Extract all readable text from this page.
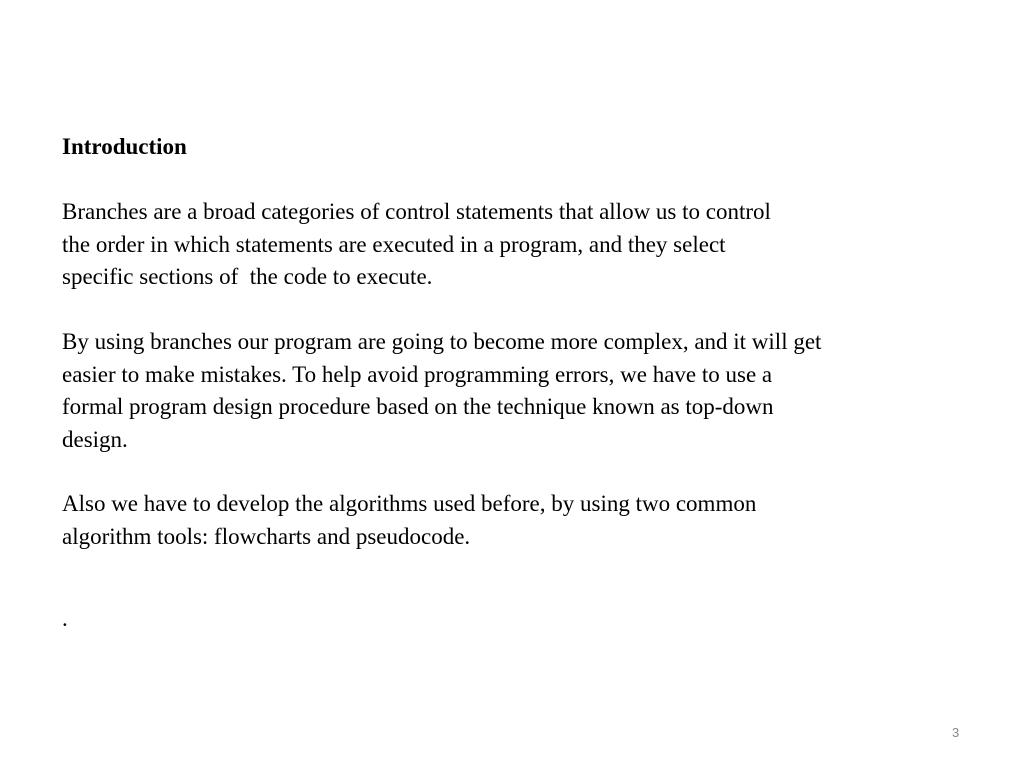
Introduction
Branches are a broad categories of control statements that allow us to control
the order in which statements are executed in a program, and they select
specific sections of  the code to execute.
By using branches our program are going to become more complex, and it will get
easier to make mistakes. To help avoid programming errors, we have to use a
formal program design procedure based on the technique known as top-down
design.
Also we have to develop the algorithms used before, by using two common
algorithm tools: flowcharts and pseudocode.
.
3
